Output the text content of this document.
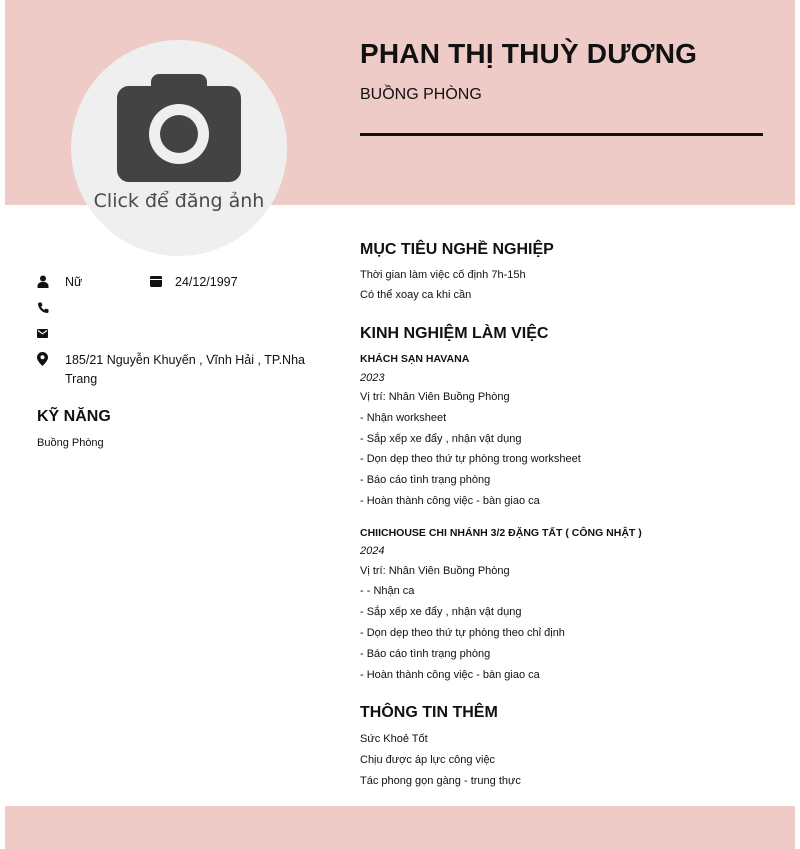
Click để đăng ảnh
PHAN THỊ THUỲ DƯƠNG
BUỒNG PHÒNG
Nữ	24/12/1997
185/21 Nguyễn Khuyến , Vĩnh Hải , TP.Nha Trang
KỸ NĂNG
Buồng Phòng
MỤC TIÊU NGHỀ NGHIỆP
Thời gian làm việc cố định 7h-15h
Có thể xoay ca khi cần
KINH NGHIỆM LÀM VIỆC
KHÁCH SẠN HAVANA
2023
Vị trí: Nhân Viên Buồng Phòng
- Nhận worksheet
- Sắp xếp xe đẩy , nhận vật dụng
- Dọn dẹp theo thứ tự phòng trong worksheet
- Báo cáo tình trạng phòng
- Hoàn thành công việc - bàn giao ca
CHIICHOUSE CHI NHÁNH 3/2 ĐẶNG TẤT ( CÔNG NHẬT )
2024
Vị trí: Nhân Viên Buồng Phòng
- - Nhận ca
- Sắp xếp xe đẩy , nhận vật dụng
- Dọn dẹp theo thứ tự phòng theo chỉ định
- Báo cáo tình trạng phòng
- Hoàn thành công việc - bàn giao ca
THÔNG TIN THÊM
Sức Khoẻ Tốt
Chịu được áp lực công việc
Tác phong gọn gàng - trung thực
